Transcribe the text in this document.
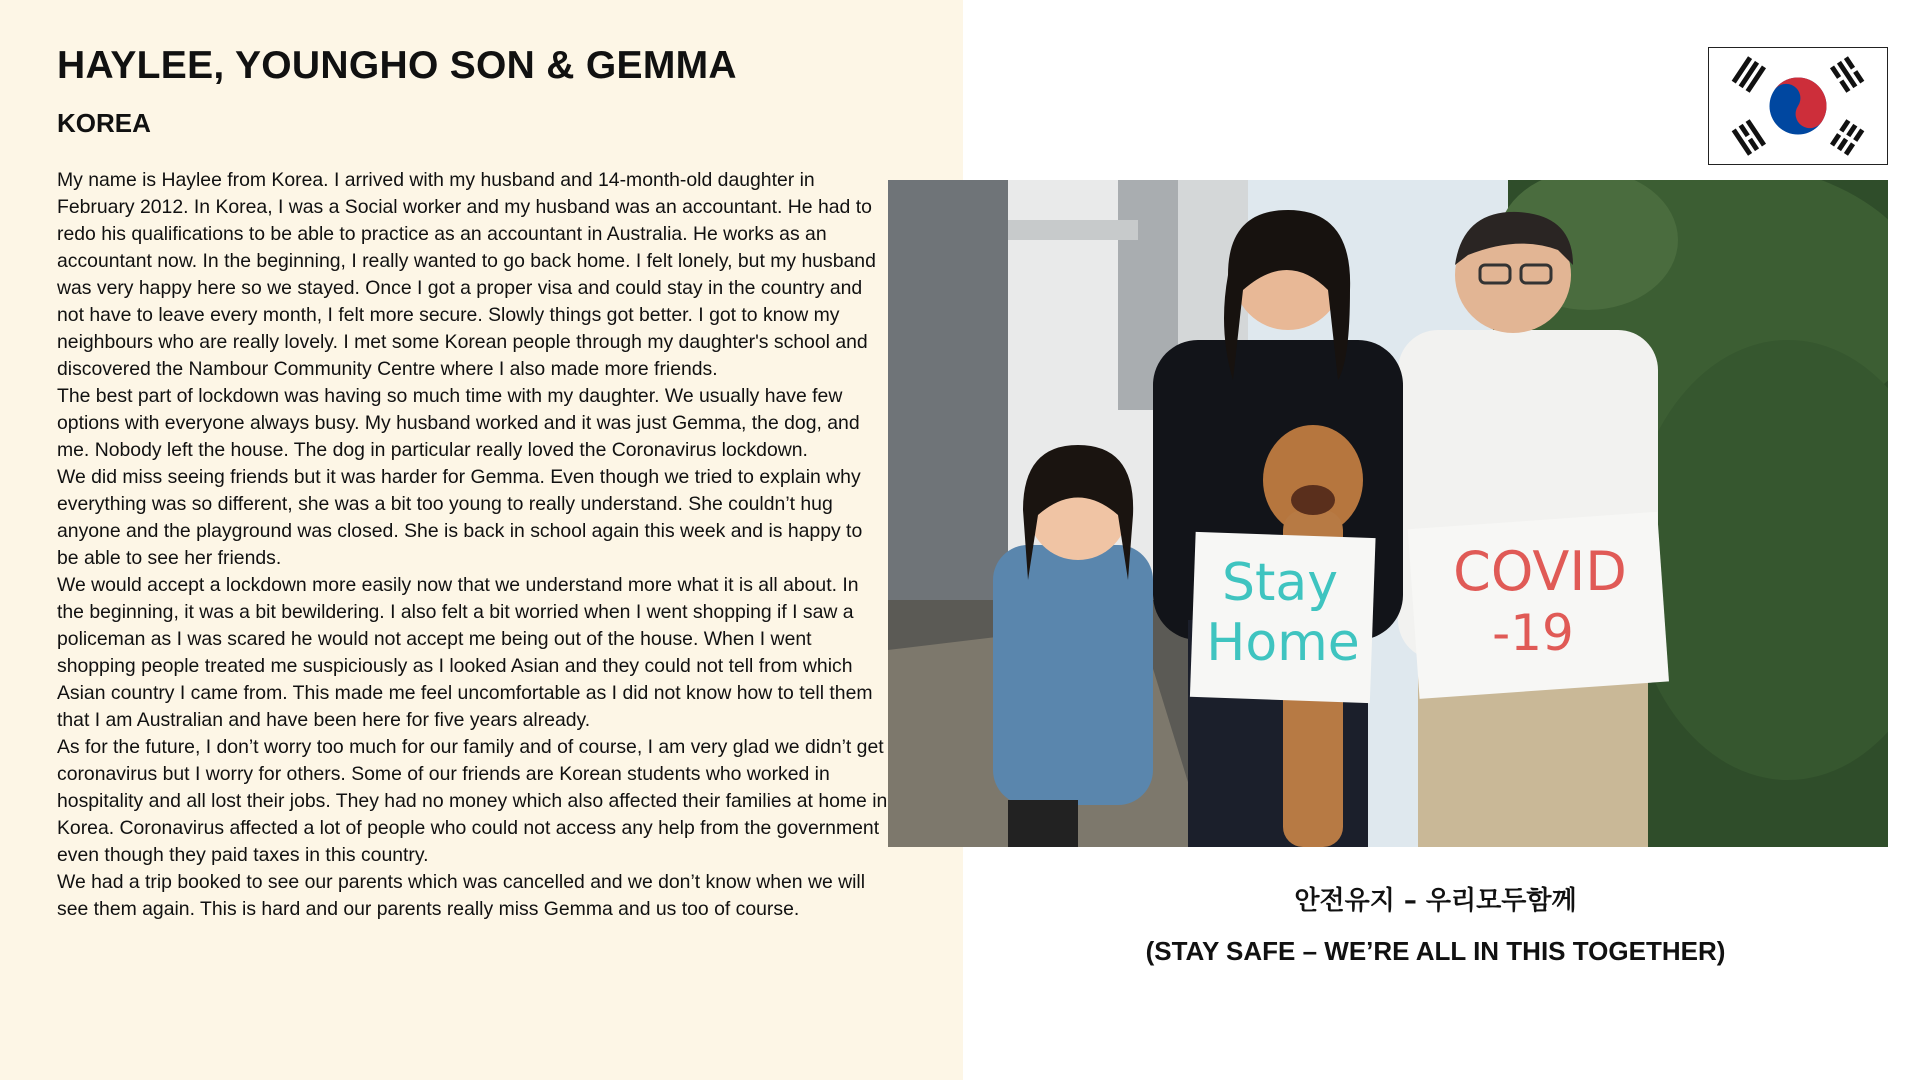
HAYLEE, YOUNGHO SON & GEMMA
KOREA

My name is Haylee from Korea. I arrived with my husband and 14-month-old daughter in February 2012. In Korea, I was a Social worker and my husband was an accountant. He had to redo his qualifications to be able to practice as an accountant in Australia. He works as an accountant now. In the beginning, I really wanted to go back home. I felt lonely, but my husband was very happy here so we stayed. Once I got a proper visa and could stay in the country and not have to leave every month, I felt more secure. Slowly things got better. I got to know my neighbours who are really lovely. I met some Korean people through my daughter's school and discovered the Nambour Community Centre where I also made more friends.

The best part of lockdown was having so much time with my daughter. We usually have few options with everyone always busy. My husband worked and it was just Gemma, the dog, and me. Nobody left the house. The dog in particular really loved the Coronavirus lockdown.

We did miss seeing friends but it was harder for Gemma. Even though we tried to explain why everything was so different, she was a bit too young to really understand. She couldn’t hug anyone and the playground was closed. She is back in school again this week and is happy to be able to see her friends.

We would accept a lockdown more easily now that we understand more what it is all about. In the beginning, it was a bit bewildering. I also felt a bit worried when I went shopping if I saw a policeman as I was scared he would not accept me being out of the house. When I went shopping people treated me suspiciously as I looked Asian and they could not tell from which Asian country I came from. This made me feel uncomfortable as I did not know how to tell them that I am Australian and have been here for five years already.

As for the future, I don’t worry too much for our family and of course, I am very glad we didn’t get coronavirus but I worry for others. Some of our friends are Korean students who worked in hospitality and all lost their jobs. They had no money which also affected their families at home in Korea. Coronavirus affected a lot of people who could not access any help from the government even though they paid taxes in this country.

We had a trip booked to see our parents which was cancelled and we don’t know when we will see them again. This is hard and our parents really miss Gemma and us too of course.

Stay
Home
COVID
-19
안전유지 – 우리모두함께
(STAY SAFE – WE’RE ALL IN THIS TOGETHER)
